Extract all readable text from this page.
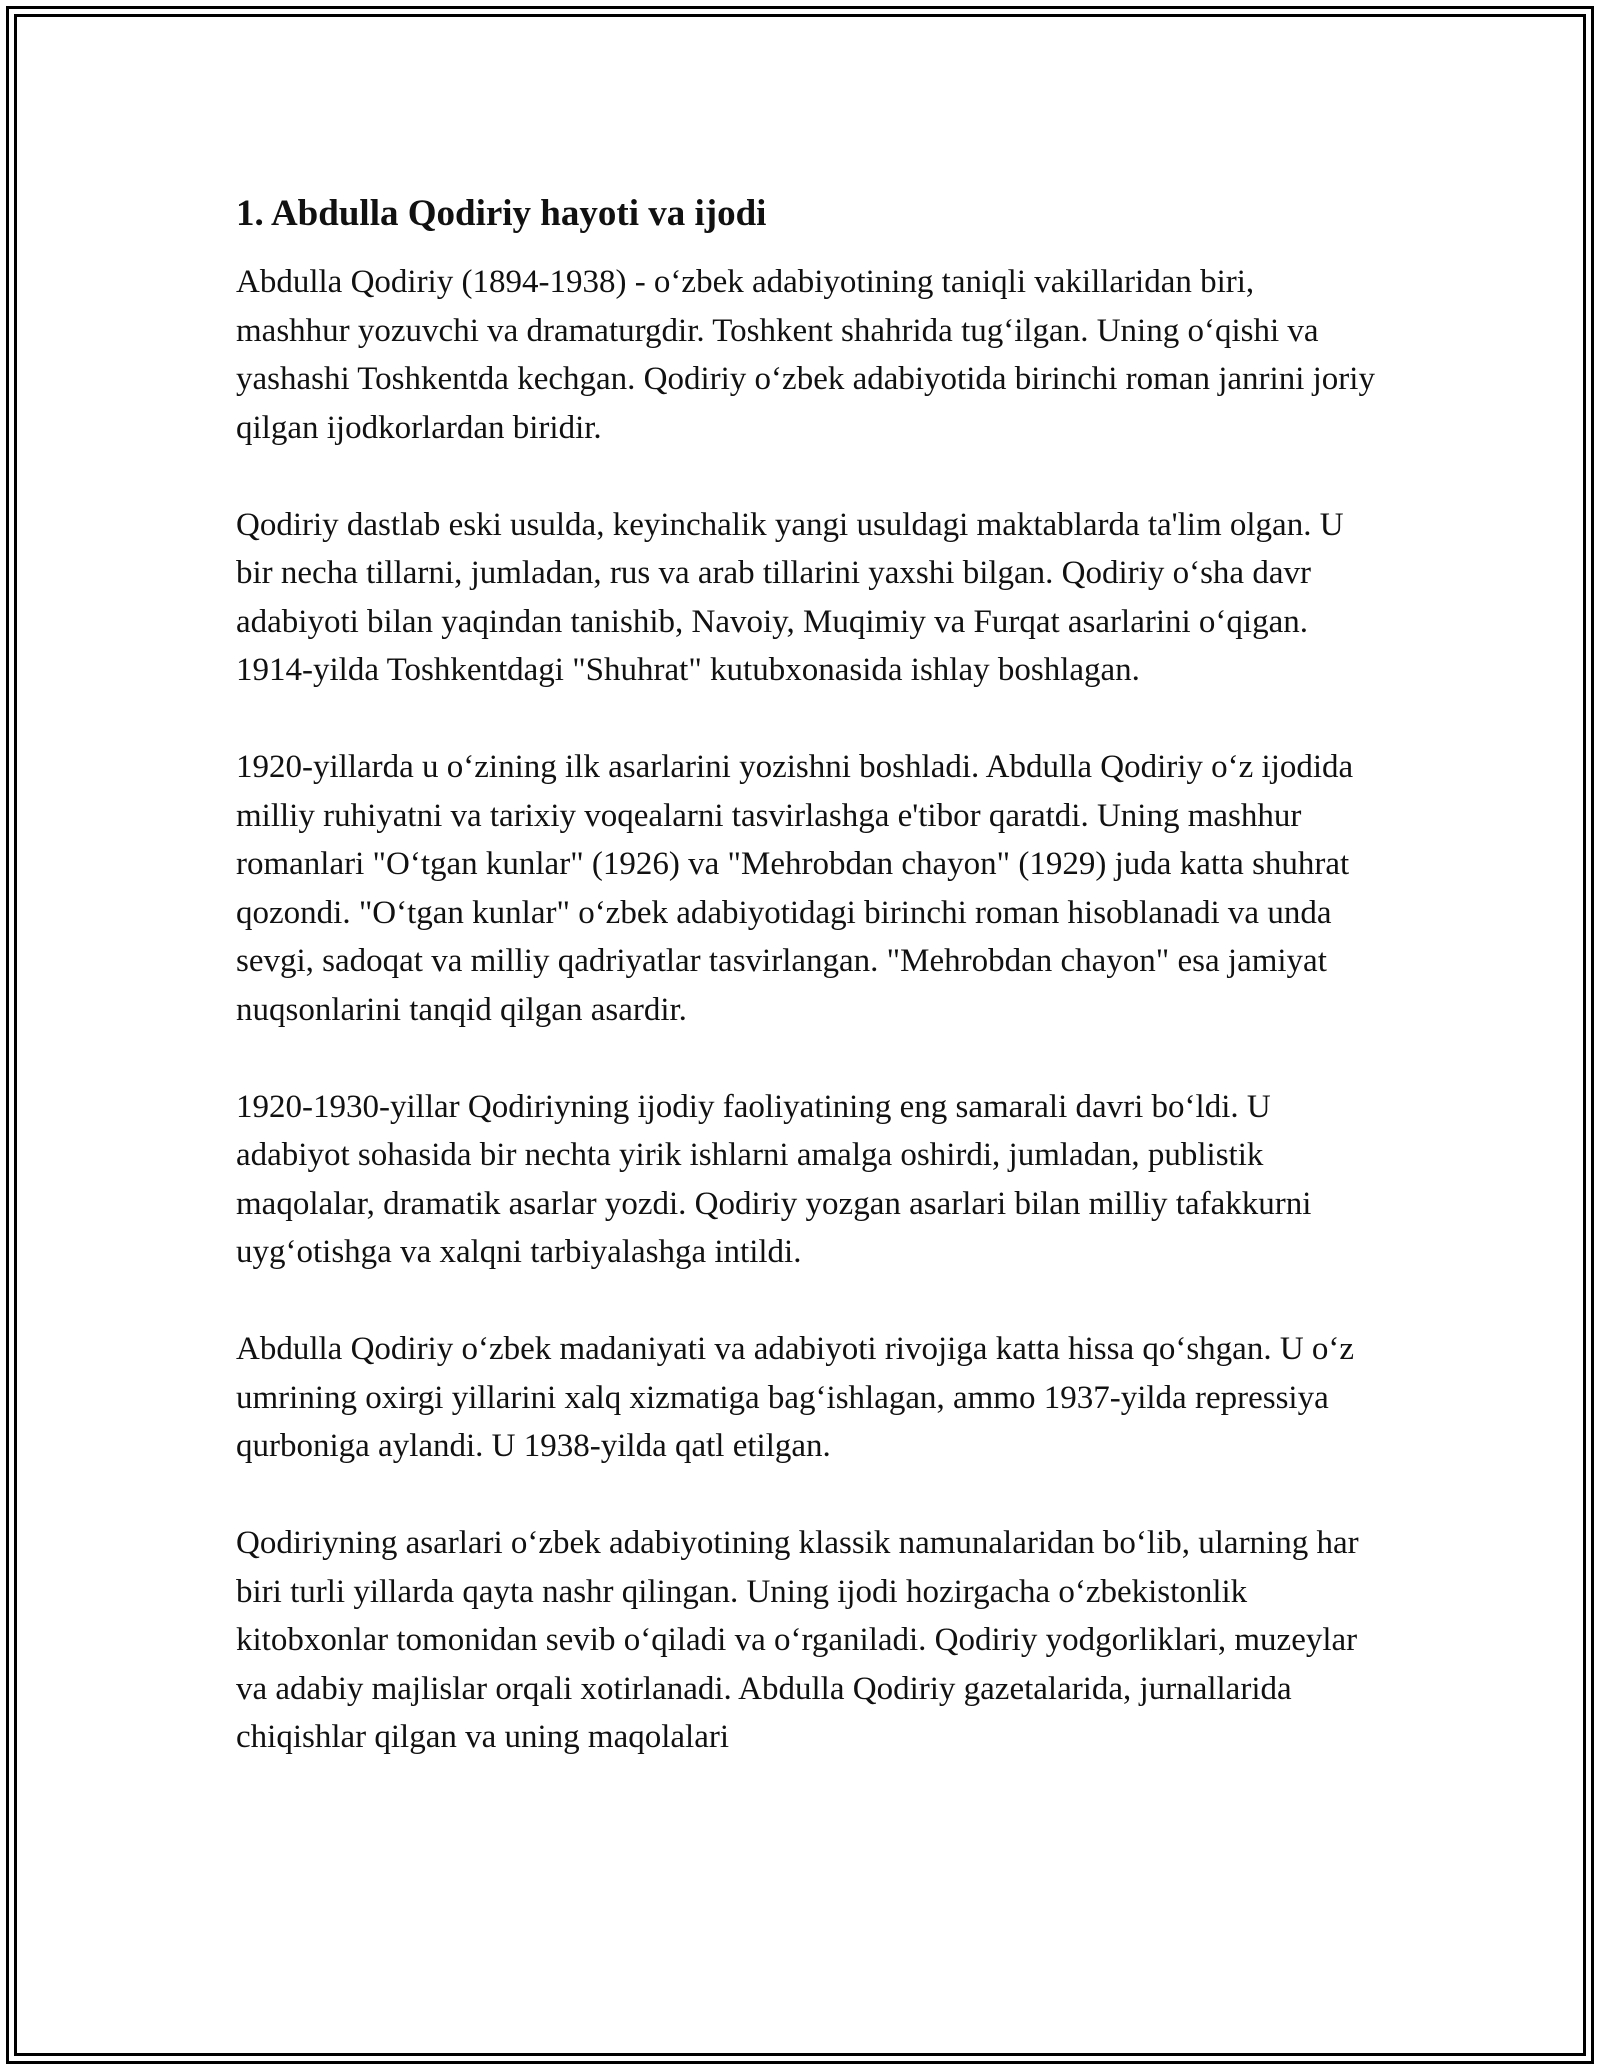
1. Abdulla Qodiriy hayoti va ijodi

Abdulla Qodiriy (1894-1938) - o‘zbek adabiyotining taniqli vakillaridan biri, mashhur yozuvchi va dramaturgdir. Toshkent shahrida tug‘ilgan. Uning o‘qishi va yashashi Toshkentda kechgan. Qodiriy o‘zbek adabiyotida birinchi roman janrini joriy qilgan ijodkorlardan biridir.

Qodiriy dastlab eski usulda, keyinchalik yangi usuldagi maktablarda ta'lim olgan. U bir necha tillarni, jumladan, rus va arab tillarini yaxshi bilgan. Qodiriy o‘sha davr adabiyoti bilan yaqindan tanishib, Navoiy, Muqimiy va Furqat asarlarini o‘qigan. 1914-yilda Toshkentdagi "Shuhrat" kutubxonasida ishlay boshlagan.

1920-yillarda u o‘zining ilk asarlarini yozishni boshladi. Abdulla Qodiriy o‘z ijodida milliy ruhiyatni va tarixiy voqealarni tasvirlashga e'tibor qaratdi. Uning mashhur romanlari "O‘tgan kunlar" (1926) va "Mehrobdan chayon" (1929) juda katta shuhrat qozondi. "O‘tgan kunlar" o‘zbek adabiyotidagi birinchi roman hisoblanadi va unda sevgi, sadoqat va milliy qadriyatlar tasvirlangan. "Mehrobdan chayon" esa jamiyat nuqsonlarini tanqid qilgan asardir.

1920-1930-yillar Qodiriyning ijodiy faoliyatining eng samarali davri bo‘ldi. U adabiyot sohasida bir nechta yirik ishlarni amalga oshirdi, jumladan, publistik maqolalar, dramatik asarlar yozdi. Qodiriy yozgan asarlari bilan milliy tafakkurni uyg‘otishga va xalqni tarbiyalashga intildi.

Abdulla Qodiriy o‘zbek madaniyati va adabiyoti rivojiga katta hissa qo‘shgan. U o‘z umrining oxirgi yillarini xalq xizmatiga bag‘ishlagan, ammo 1937-yilda repressiya qurboniga aylandi. U 1938-yilda qatl etilgan.

Qodiriyning asarlari o‘zbek adabiyotining klassik namunalaridan bo‘lib, ularning har biri turli yillarda qayta nashr qilingan. Uning ijodi hozirgacha o‘zbekistonlik kitobxonlar tomonidan sevib o‘qiladi va o‘rganiladi. Qodiriy yodgorliklari, muzeylar va adabiy majlislar orqali xotirlanadi. Abdulla Qodiriy gazetalarida, jurnallarida chiqishlar qilgan va uning maqolalari
